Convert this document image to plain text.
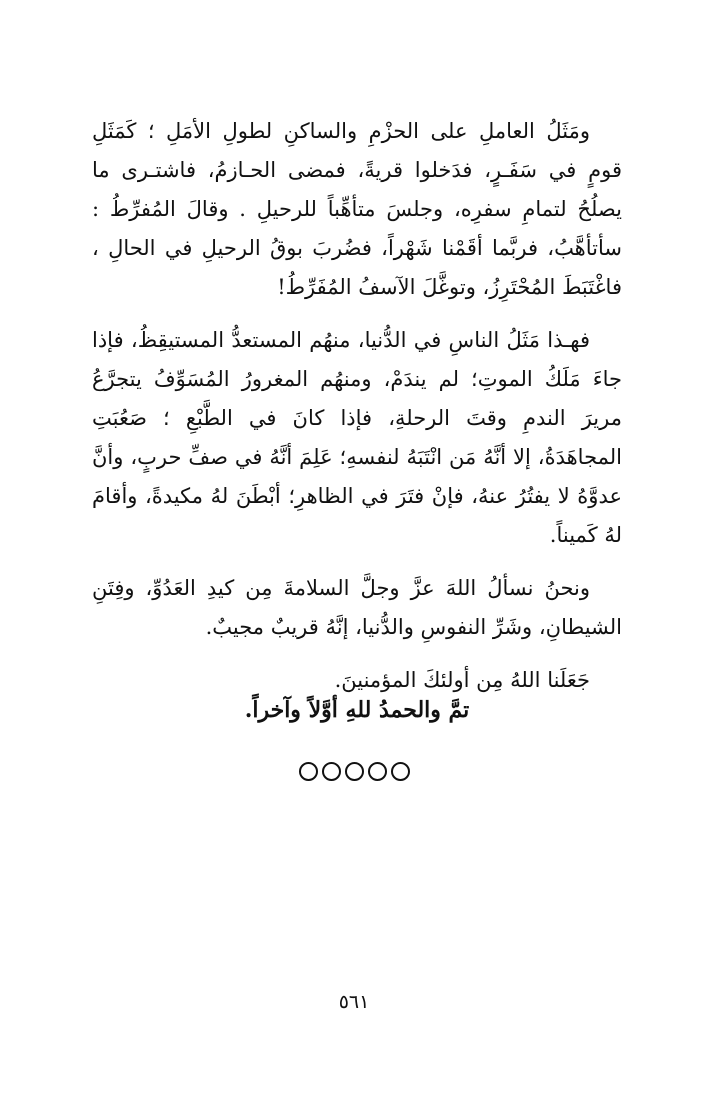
ومَثَلُ العاملِ على الحزْمِ والساكنِ لطولِ الأمَلِ ؛ كَمَثَلِ قومٍ في سَفَـرٍ، فدَخلوا قريةً، فمضى الحـازمُ، فاشتـرى ما يصلُحُ لتمامِ سفرِه، وجلسَ متأهِّباً للرحيلِ . وقالَ المُفرِّطُ : سأتأهَّبُ، فربَّما أقَمْنا شَهْراً، فضُربَ بوقُ الرحيلِ في الحالِ ، فاغْتَبَطَ المُحْتَرِزُ، وتوغَّلَ الآسفُ المُفَرِّطُ!

فهـذا مَثَلُ الناسِ في الدُّنيا، منهُم المستعدُّ المستيقِظُ، فإذا جاءَ مَلَكُ الموتِ؛ لم يندَمْ، ومنهُم المغرورُ المُسَوِّفُ يتجرَّعُ مريرَ الندمِ وقتَ الرحلةِ، فإذا كانَ في الطَّبْعِ ؛ صَعُبَتِ المجاهَدَةُ، إلا أنَّهُ مَن انْتَبَهُ لنفسهِ؛ عَلِمَ أنَّهُ في صفِّ حربٍ، وأنَّ عدوَّهُ لا يفتُرُ عنهُ، فإنْ فتَرَ في الظاهرِ؛ أبْطَنَ لهُ مكيدةً، وأقامَ لهُ كَميناً.

ونحنُ نسألُ اللهَ عزَّ وجلَّ السلامةَ مِن كيدِ العَدُوِّ، وفِتَنِ الشيطانِ، وشَرِّ النفوسِ والدُّنيا، إنَّهُ قريبٌ مجيبٌ.

جَعَلَنا اللهُ مِن أولئكَ المؤمنينَ.

تمَّ والحمدُ للهِ أوَّلاً وآخراً.
٥٦١
